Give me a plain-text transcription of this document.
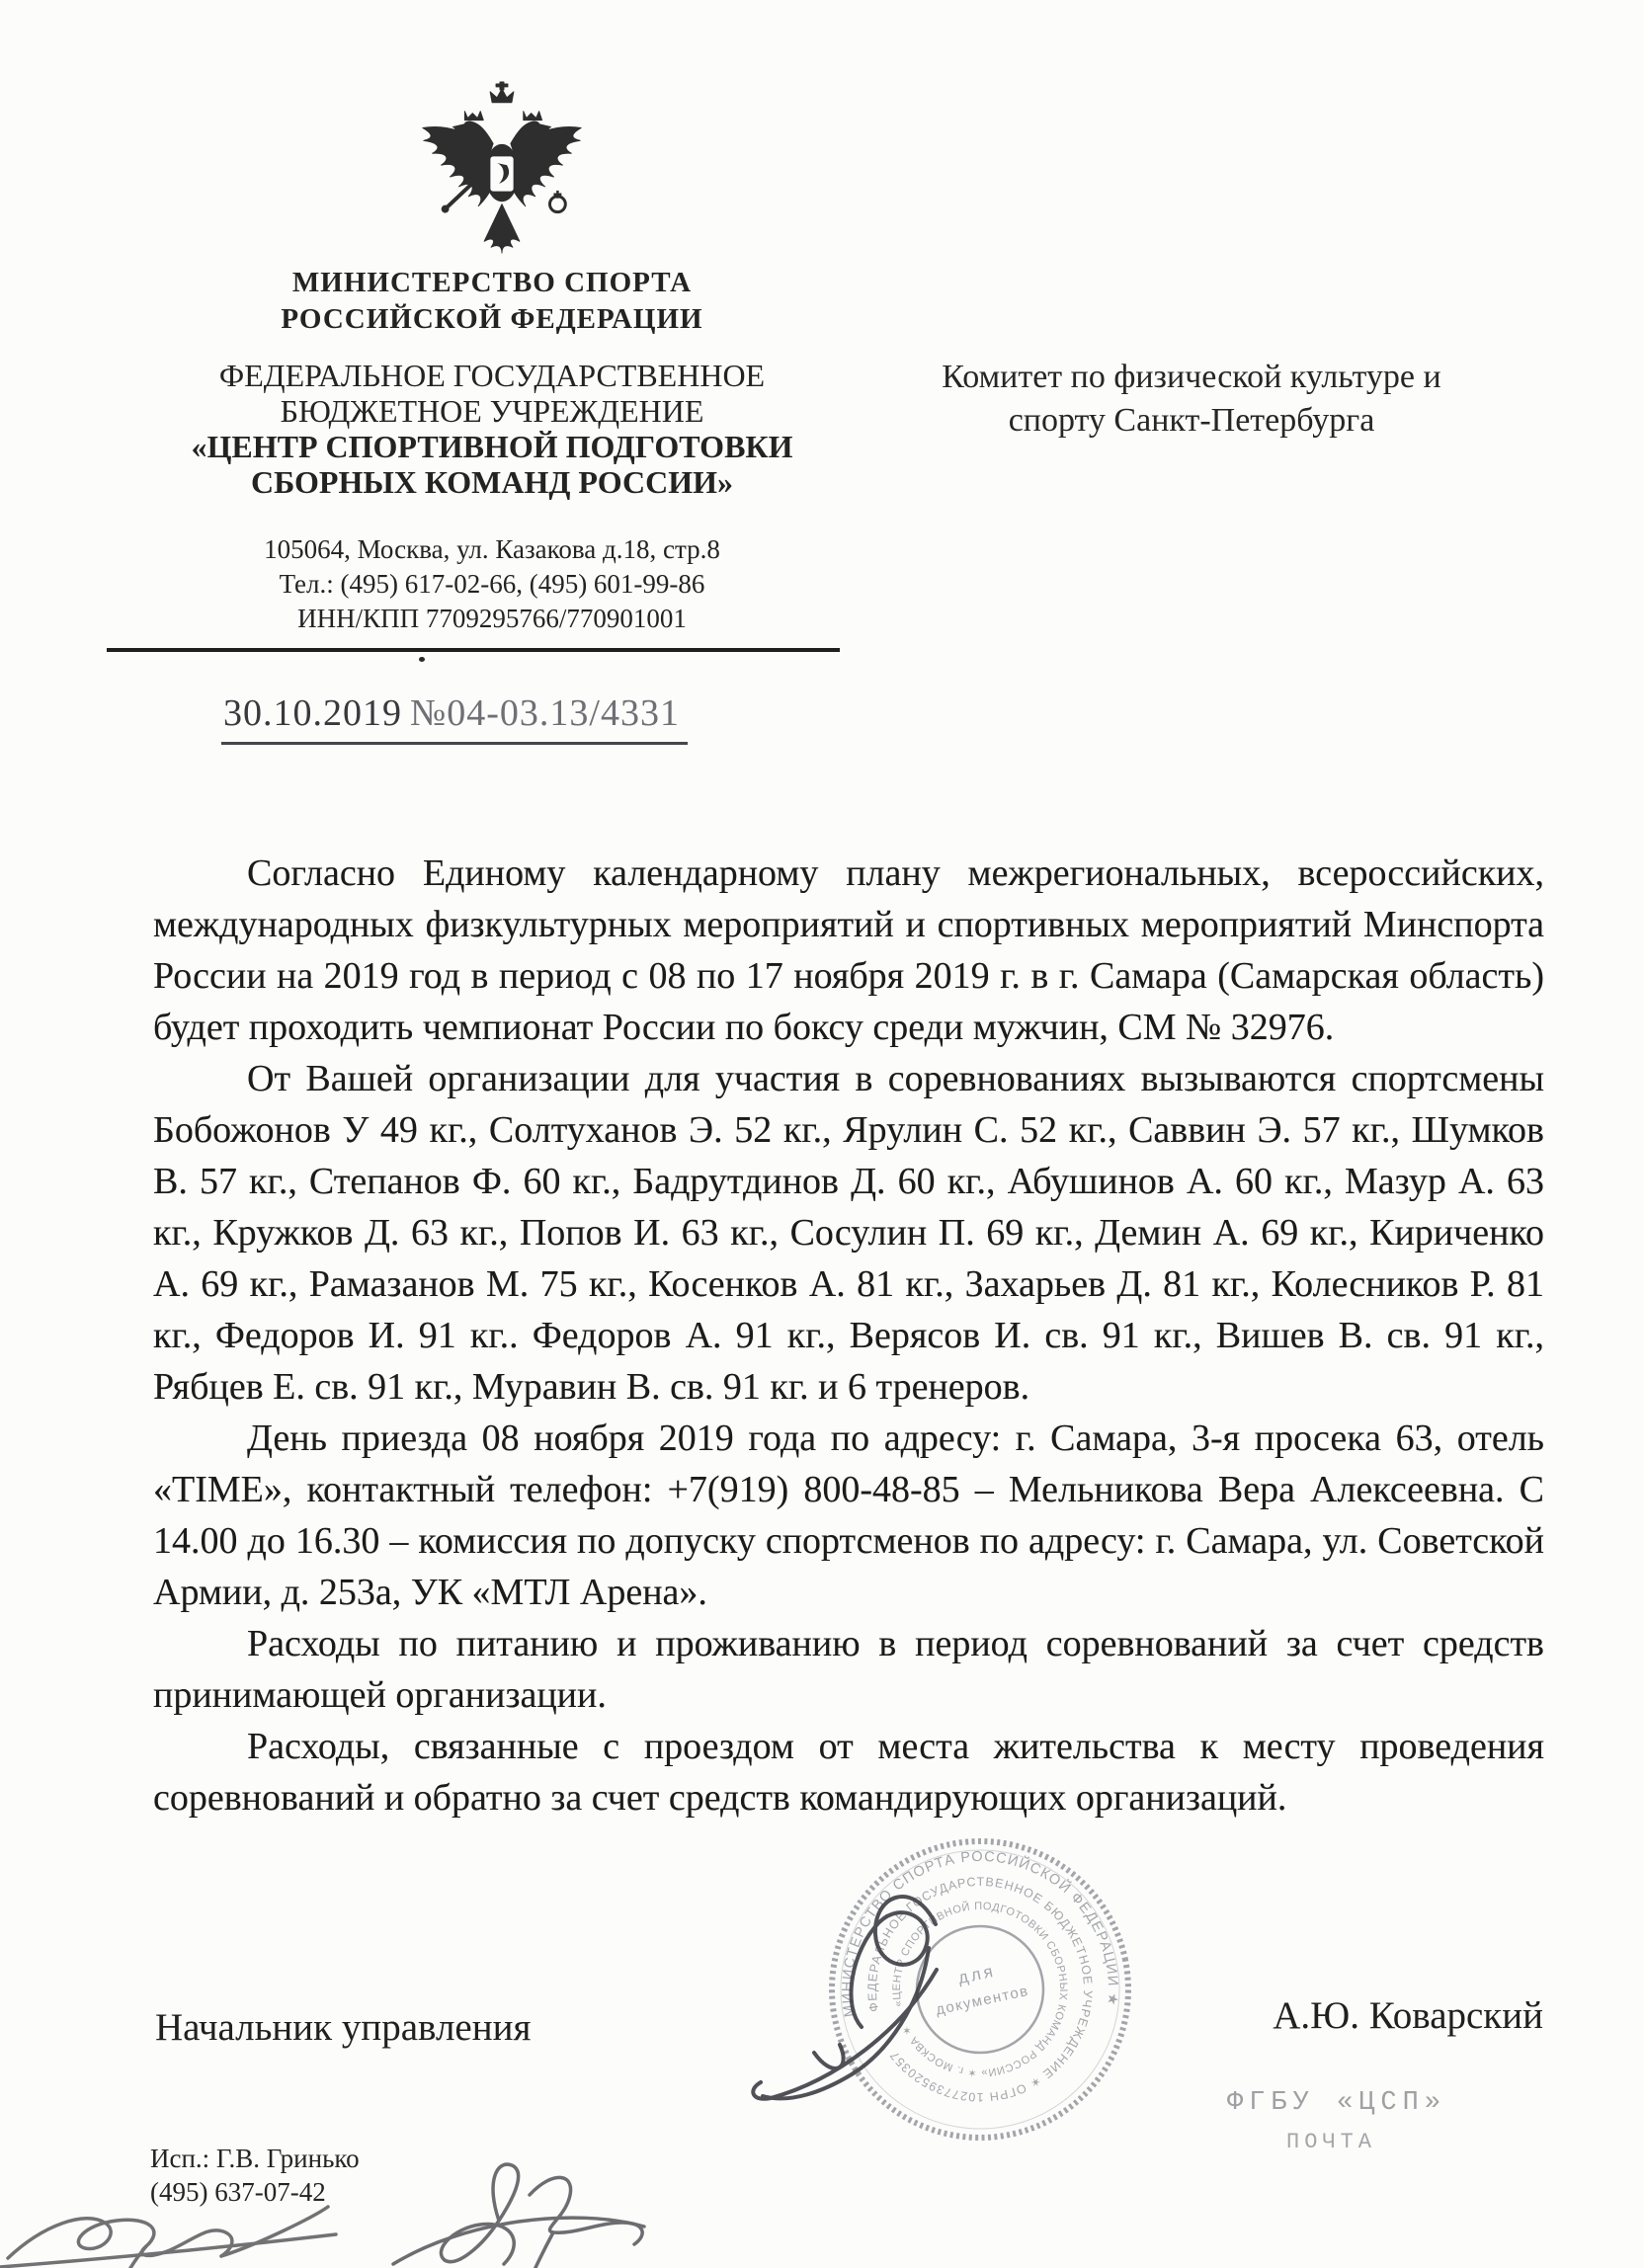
МИНИСТЕРСТВО СПОРТА
РОССИЙСКОЙ ФЕДЕРАЦИИ
ФЕДЕРАЛЬНОЕ ГОСУДАРСТВЕННОЕ
БЮДЖЕТНОЕ УЧРЕЖДЕНИЕ
«ЦЕНТР СПОРТИВНОЙ ПОДГОТОВКИ
СБОРНЫХ КОМАНД РОССИИ»
105064, Москва, ул. Казакова д.18, стр.8
Тел.: (495) 617-02-66, (495) 601-99-86
ИНН/КПП 7709295766/770901001
Комитет по физической культуре и
спорту Санкт-Петербурга
30.10.2019 №04-03.13/4331

Согласно Единому календарному плану межрегиональных, всероссийских, международных физкультурных мероприятий и спортивных мероприятий Минспорта России на 2019 год в период с 08 по 17 ноября 2019 г. в г. Самара (Самарская область) будет проходить чемпионат России по боксу среди мужчин, СМ № 32976.

От Вашей организации для участия в соревнованиях вызываются спортсмены Бобожонов У 49 кг., Солтуханов Э. 52 кг., Ярулин С. 52 кг., Саввин Э. 57 кг., Шумков В. 57 кг., Степанов Ф. 60 кг., Бадрутдинов Д. 60 кг., Абушинов А. 60 кг., Мазур А. 63 кг., Кружков Д. 63 кг., Попов И. 63 кг., Сосулин П. 69 кг., Демин А. 69 кг., Кириченко А. 69 кг., Рамазанов М. 75 кг., Косенков А. 81 кг., Захарьев Д. 81 кг., Колесников Р. 81 кг., Федоров И. 91 кг.. Федоров А. 91 кг., Верясов И. св. 91 кг., Вишев В. св. 91 кг., Рябцев Е. св. 91 кг., Муравин В. св. 91 кг. и 6 тренеров.

День приезда 08 ноября 2019 года по адресу: г. Самара, 3-я просека 63, отель «TIME», контактный телефон: +7(919) 800-48-85 – Мельникова Вера Алексеевна. С 14.00 до 16.30 – комиссия по допуску спортсменов по адресу: г. Самара, ул. Советской Армии, д. 253а, УК «МТЛ Арена».

Расходы по питанию и проживанию в период соревнований за счет средств принимающей организации.

Расходы, связанные с проездом от места жительства к месту проведения соревнований и обратно за счет средств командирующих организаций.

Начальник управления	А.Ю. Коварский
МИНИСТЕРСТВО СПОРТА РОССИЙСКОЙ ФЕДЕРАЦИИ ★
ФЕДЕРАЛЬНОЕ ГОСУДАРСТВЕННОЕ БЮДЖЕТНОЕ УЧРЕЖДЕНИЕ ✶ ОГРН 1027739520357
«ЦЕНТР СПОРТИВНОЙ ПОДГОТОВКИ СБОРНЫХ КОМАНД РОССИИ» ✶ г. МОСКВА ✶
для
документов
ФГБУ «ЦСП»
ПОЧТА
Исп.: Г.В. Гринько
(495) 637-07-42
